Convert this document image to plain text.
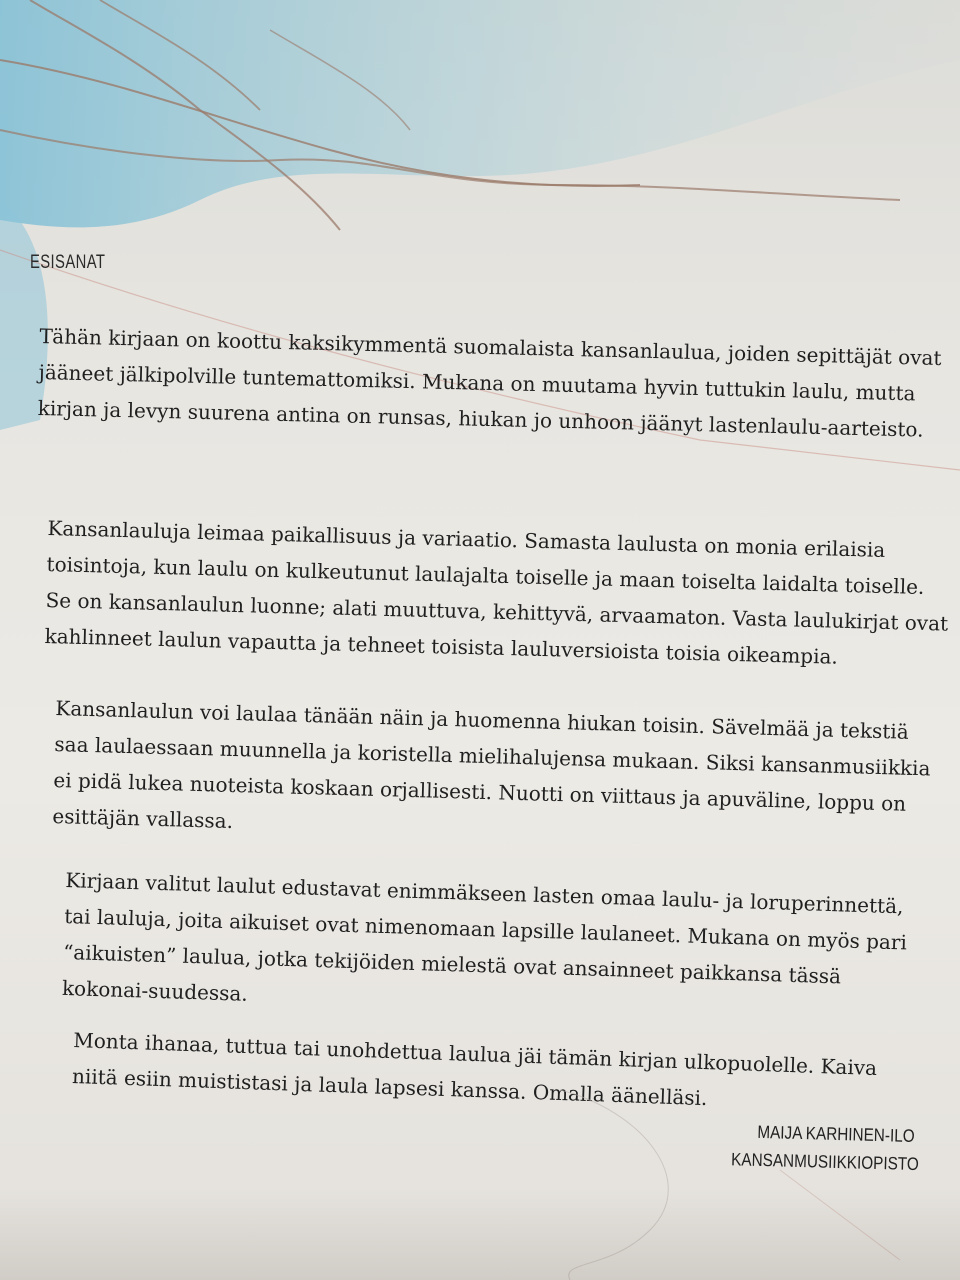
ESISANAT

Tähän kirjaan on koottu kaksikymmentä suomalaista kansanlaulua, joiden sepittäjät ovat jääneet jälkipolville tuntemattomiksi. Mukana on muutama hyvin tuttukin laulu, mutta kirjan ja levyn suurena antina on runsas, hiukan jo unhoon jäänyt lastenlaulu-aarteisto.

Kansanlauluja leimaa paikallisuus ja variaatio. Samasta laulusta on monia erilaisia toisintoja, kun laulu on kulkeutunut laulajalta toiselle ja maan toiselta laidalta toiselle. Se on kansanlaulun luonne; alati muuttuva, kehittyvä, arvaamaton. Vasta laulukirjat ovat kahlinneet laulun vapautta ja tehneet toisista lauluversioista toisia oikeampia.

Kansanlaulun voi laulaa tänään näin ja huomenna hiukan toisin. Sävelmää ja tekstiä saa laulaessaan muunnella ja koristella mielihalujensa mukaan. Siksi kansanmusiikkia ei pidä lukea nuoteista koskaan orjallisesti. Nuotti on viittaus ja apuväline, loppu on esittäjän vallassa.

Kirjaan valitut laulut edustavat enimmäkseen lasten omaa laulu- ja loruperinnettä, tai lauluja, joita aikuiset ovat nimenomaan lapsille laulaneet. Mukana on myös pari “aikuisten” laulua, jotka tekijöiden mielestä ovat ansainneet paikkansa tässä kokonai-suudessa.

Monta ihanaa, tuttua tai unohdettua laulua jäi tämän kirjan ulkopuolelle. Kaiva niitä esiin muististasi ja laula lapsesi kanssa. Omalla äänelläsi.

MAIJA KARHINEN-ILO
KANSANMUSIIKKIOPISTO
